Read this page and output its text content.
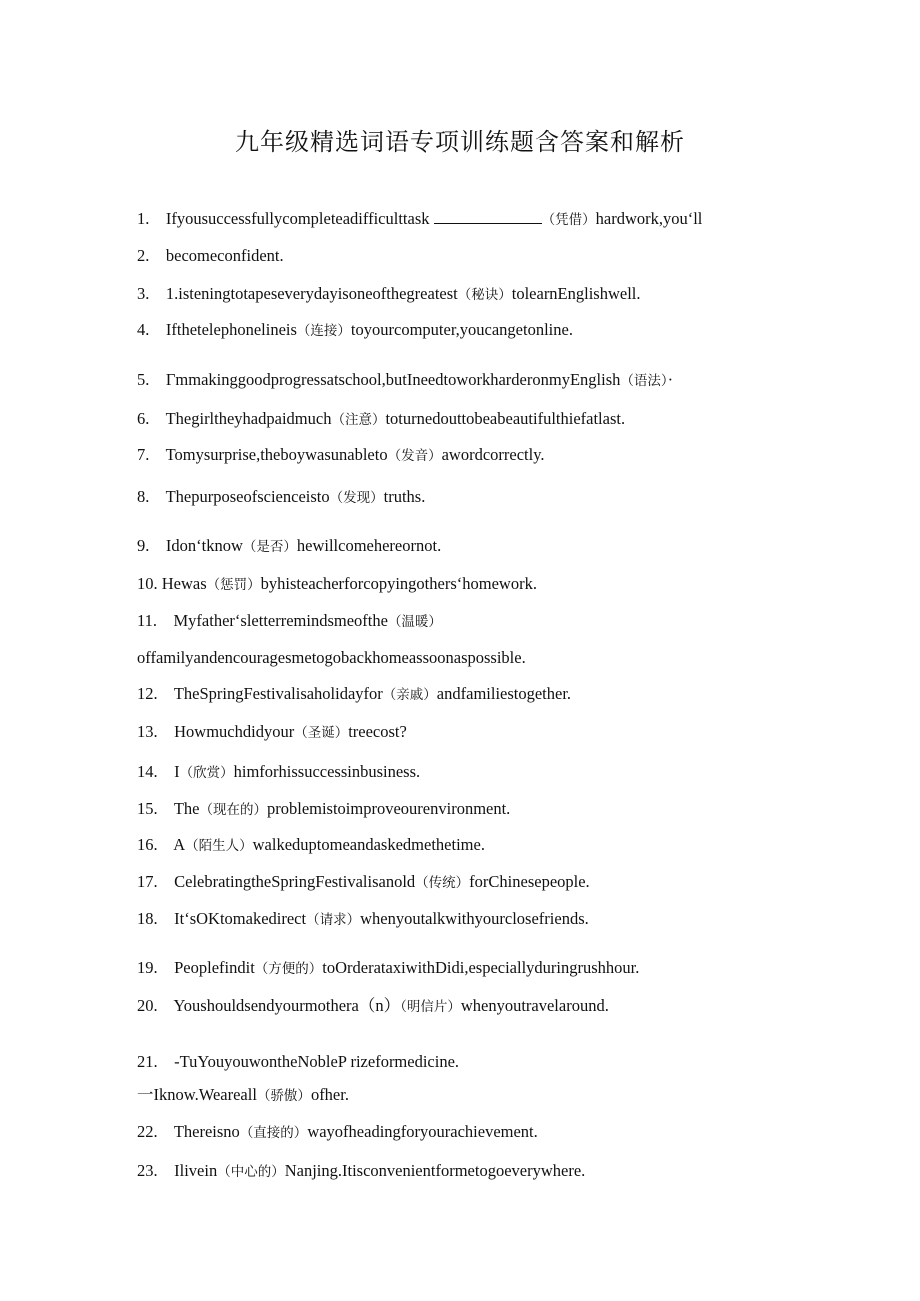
九年级精选词语专项训练题含答案和解析
1. Ifyousuccessfullycompleteadifficulttask	（凭借）hardwork,you‘ll
2. becomeconfident.
3. 1.isteningtotapeseverydayisoneofthegreatest（秘诀）tolearnEnglishwell.
4. Ifthetelephonelineis（连接）toyourcomputer,youcangetonline.
5. Γmmakinggoodprogressatschool,butIneedtoworkharderonmyEnglish（语法）·
6. Thegirltheyhadpaidmuch（注意）toturnedouttobeabeautifulthiefatlast.
7. Tomysurprise,theboywasunableto（发音）awordcorrectly.
8. Thepurposeofscienceisto（发现）truths.
9. Idon‘tknow（是否）hewillcomehereornot.
10. Hewas（惩罚）byhisteacherforcopyingothers‘homework.
11. Myfather‘sletterremindsmeofthe（温暖）
offamilyandencouragesmetogobackhomeassoonaspossible.
12. TheSpringFestivalisaholidayfor（亲戚）andfamiliestogether.
13. Howmuchdidyour（圣诞）treecost?
14. I（欣赏）himforhissuccessinbusiness.
15. The（现在的）problemistoimproveourenvironment.
16. A（陌生人）walkeduptomeandaskedmethetime.
17. CelebratingtheSpringFestivalisanold（传统）forChinesepeople.
18. It‘sOKtomakedirect（请求）whenyoutalkwithyourclosefriends.
19. Peoplefindit（方便的）toOrderataxiwithDidi,especiallyduringrushhour.
20. Youshouldsendyourmothera（n）（明信片）whenyoutravelaround.
21. -TuYouyouwontheNobleP rizeformedicine.
一Iknow.Weareall（骄傲）ofher.
22. Thereisno（直接的）wayofheadingforyourachievement.
23. Ilivein（中心的）Nanjing.Itisconvenientformetogoeverywhere.
